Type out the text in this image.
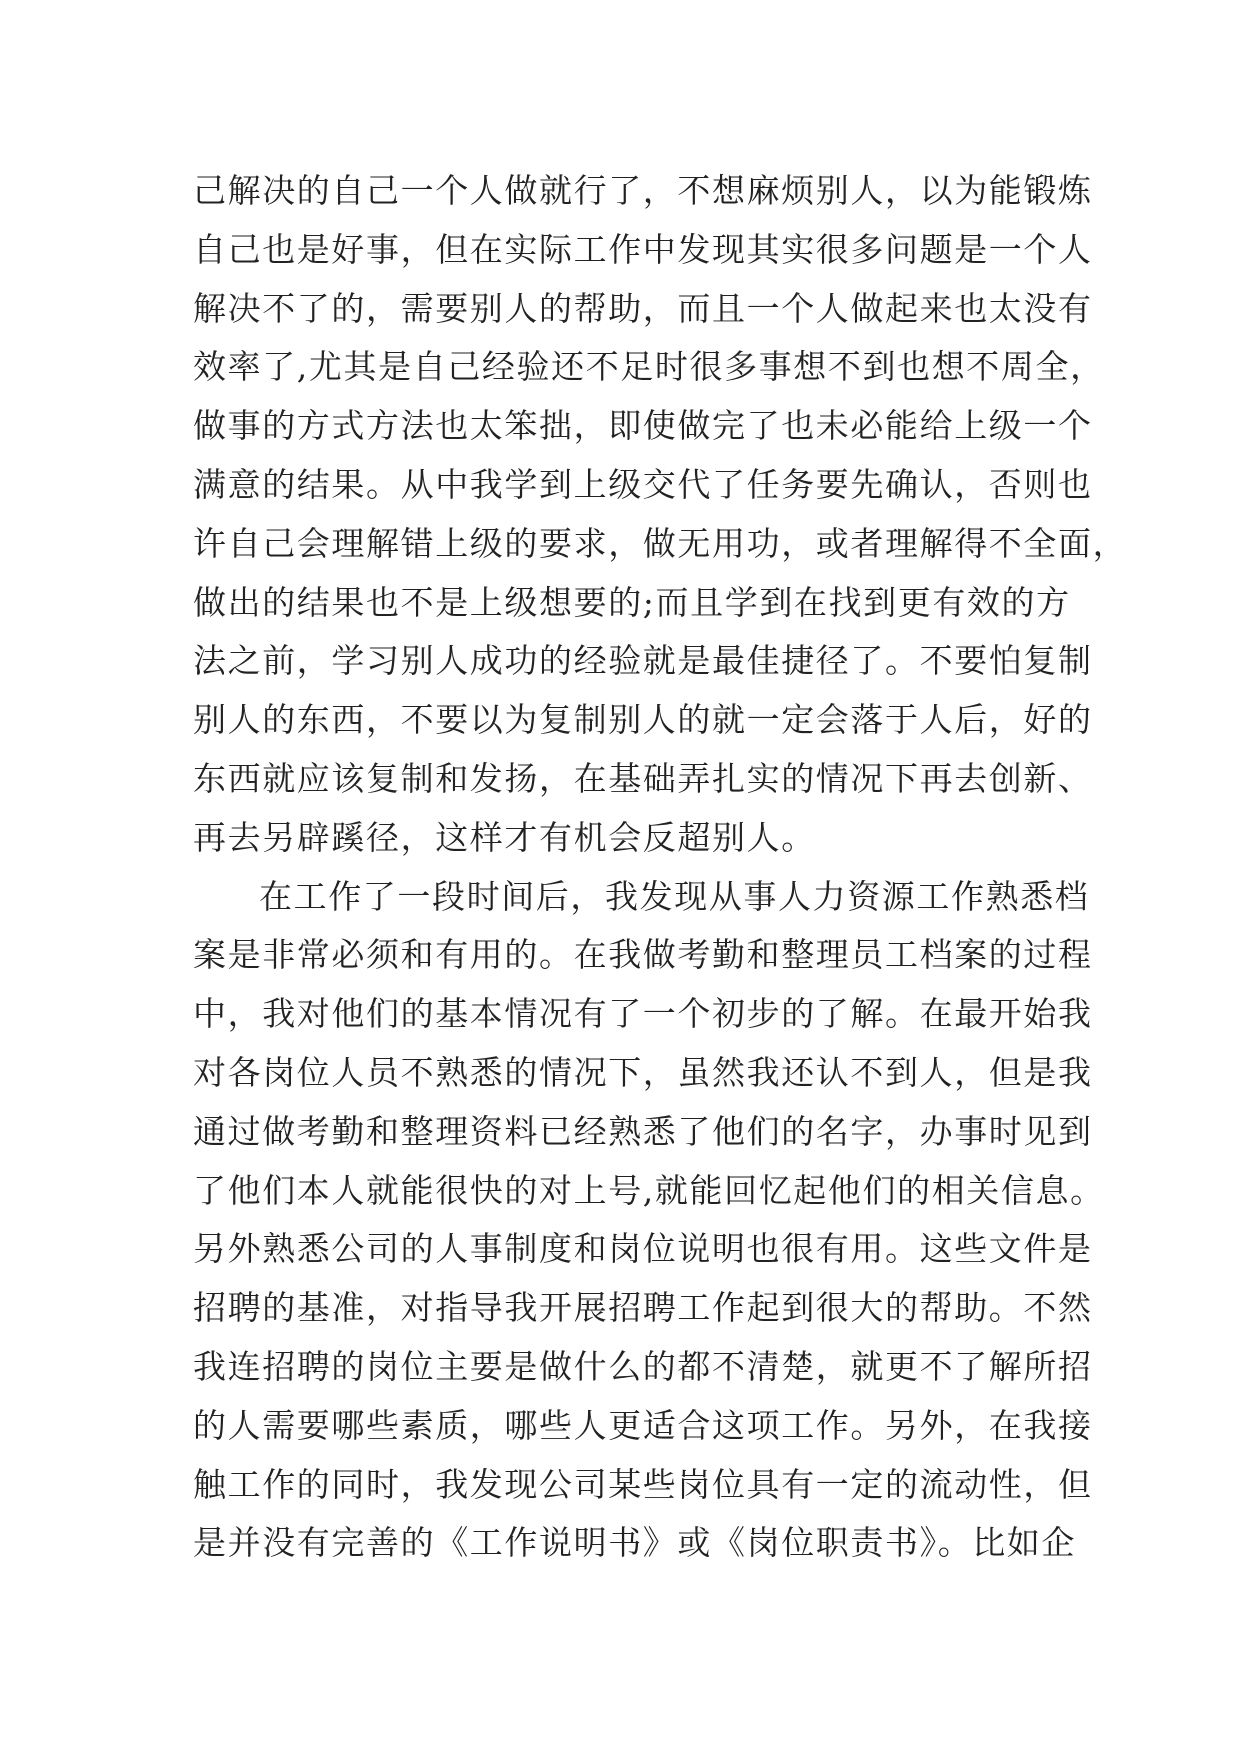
己解决的自己一个人做就行了，不想麻烦别人，以为能锻炼
自己也是好事，但在实际工作中发现其实很多问题是一个人
解决不了的，需要别人的帮助，而且一个人做起来也太没有
效率了,尤其是自己经验还不足时很多事想不到也想不周全，
做事的方式方法也太笨拙，即使做完了也未必能给上级一个
满意的结果。从中我学到上级交代了任务要先确认，否则也
许自己会理解错上级的要求，做无用功，或者理解得不全面，
做出的结果也不是上级想要的;而且学到在找到更有效的方
法之前，学习别人成功的经验就是最佳捷径了。不要怕复制
别人的东西，不要以为复制别人的就一定会落于人后，好的
东西就应该复制和发扬，在基础弄扎实的情况下再去创新、
再去另辟蹊径，这样才有机会反超别人。
在工作了一段时间后，我发现从事人力资源工作熟悉档
案是非常必须和有用的。在我做考勤和整理员工档案的过程
中，我对他们的基本情况有了一个初步的了解。在最开始我
对各岗位人员不熟悉的情况下，虽然我还认不到人，但是我
通过做考勤和整理资料已经熟悉了他们的名字，办事时见到
了他们本人就能很快的对上号,就能回忆起他们的相关信息。
另外熟悉公司的人事制度和岗位说明也很有用。这些文件是
招聘的基准，对指导我开展招聘工作起到很大的帮助。不然
我连招聘的岗位主要是做什么的都不清楚，就更不了解所招
的人需要哪些素质，哪些人更适合这项工作。另外，在我接
触工作的同时，我发现公司某些岗位具有一定的流动性，但
是并没有完善的《工作说明书》或《岗位职责书》。比如企
